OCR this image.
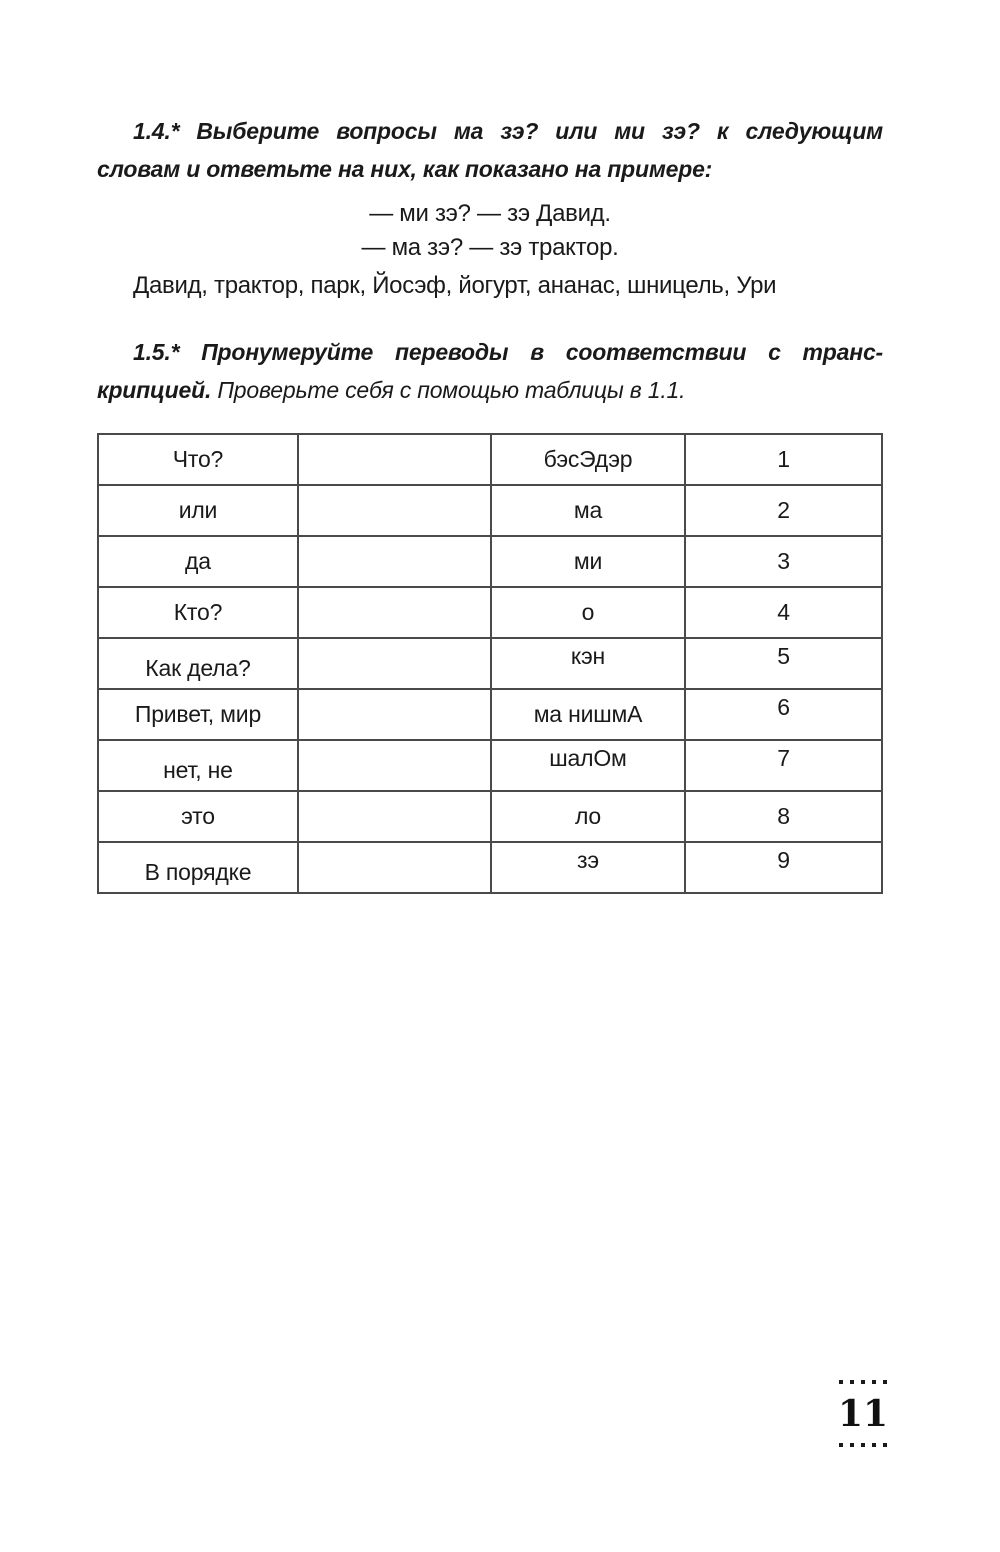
1.4.* Выберите вопросы ма зэ? или ми зэ? к следующим
словам и ответьте на них, как показано на примере:
— ми зэ? — зэ Давид.
— ма зэ? — зэ трактор.
Давид, трактор, парк, Йосэф, йогурт, ананас, шницель, Ури
1.5.* Пронумеруйте переводы в соответствии с транс-
крипцией. Проверьте себя с помощью таблицы в 1.1.
Что?		бэсЭдэр	1
или		ма	2
да		ми	3
Кто?		о	4
Как дела?		кэн	5
Привет, мир		ма нишмА	6
нет, не		шалОм	7
это		ло	8
В порядке		зэ	9
11
